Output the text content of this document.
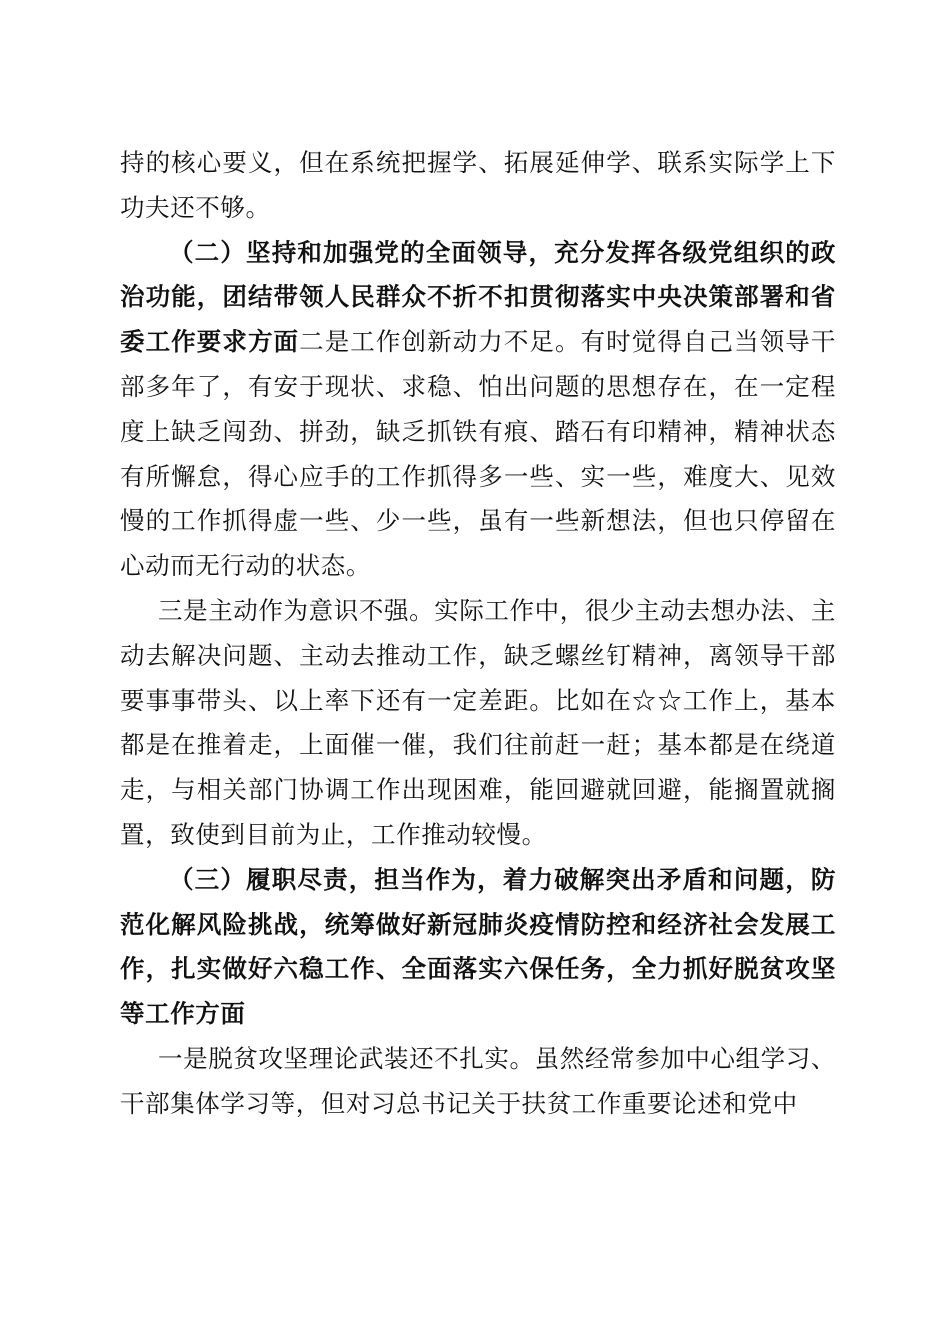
持的核心要义，但在系统把握学、拓展延伸学、联系实际学上下功夫还不够。

（二）坚持和加强党的全面领导，充分发挥各级党组织的政治功能，团结带领人民群众不折不扣贯彻落实中央决策部署和省委工作要求方面二是工作创新动力不足。有时觉得自己当领导干部多年了，有安于现状、求稳、怕出问题的思想存在，在一定程度上缺乏闯劲、拼劲，缺乏抓铁有痕、踏石有印精神，精神状态有所懈怠，得心应手的工作抓得多一些、实一些，难度大、见效慢的工作抓得虚一些、少一些，虽有一些新想法，但也只停留在心动而无行动的状态。

三是主动作为意识不强。实际工作中，很少主动去想办法、主动去解决问题、主动去推动工作，缺乏螺丝钉精神，离领导干部要事事带头、以上率下还有一定差距。比如在☆☆工作上，基本都是在推着走，上面催一催，我们往前赶一赶；基本都是在绕道走，与相关部门协调工作出现困难，能回避就回避，能搁置就搁置，致使到目前为止，工作推动较慢。

（三）履职尽责，担当作为，着力破解突出矛盾和问题，防范化解风险挑战，统筹做好新冠肺炎疫情防控和经济社会发展工作，扎实做好六稳工作、全面落实六保任务，全力抓好脱贫攻坚等工作方面

一是脱贫攻坚理论武装还不扎实。虽然经常参加中心组学习、干部集体学习等，但对习总书记关于扶贫工作重要论述和党中
